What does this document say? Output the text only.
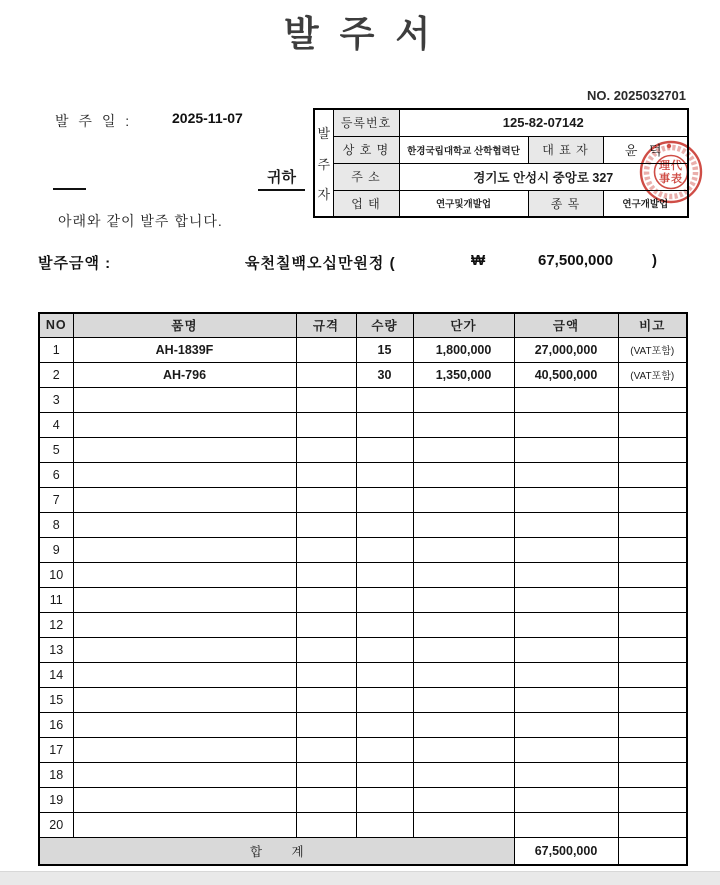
발 주 서
NO. 2025032701
발 주 일 :	2025-11-07
귀하
아래와 같이 발주 합니다.
발
주
자	등록번호	125-82-07142		
	상 호 명	한경국립대학교 산학협력단	대 표 자	윤 덕
	주 소	경기도 안성시 중앙로 327		
	업 태	연구및개발업	종 목	연구개발업
理代
事表
발주금액 :	육천칠백오십만원정 (	₩	67,500,000	)
NO	품명	규격	수량	단가	금액	비고
1	AH-1839F		15	1,800,000	27,000,000	(VAT포함)
2	AH-796		30	1,350,000	40,500,000	(VAT포함)
3						
4						
5						
6						
7						
8						
9						
10						
11						
12						
13						
14						
15						
16						
17						
18						
19						
20						
합 계					67,500,000	
